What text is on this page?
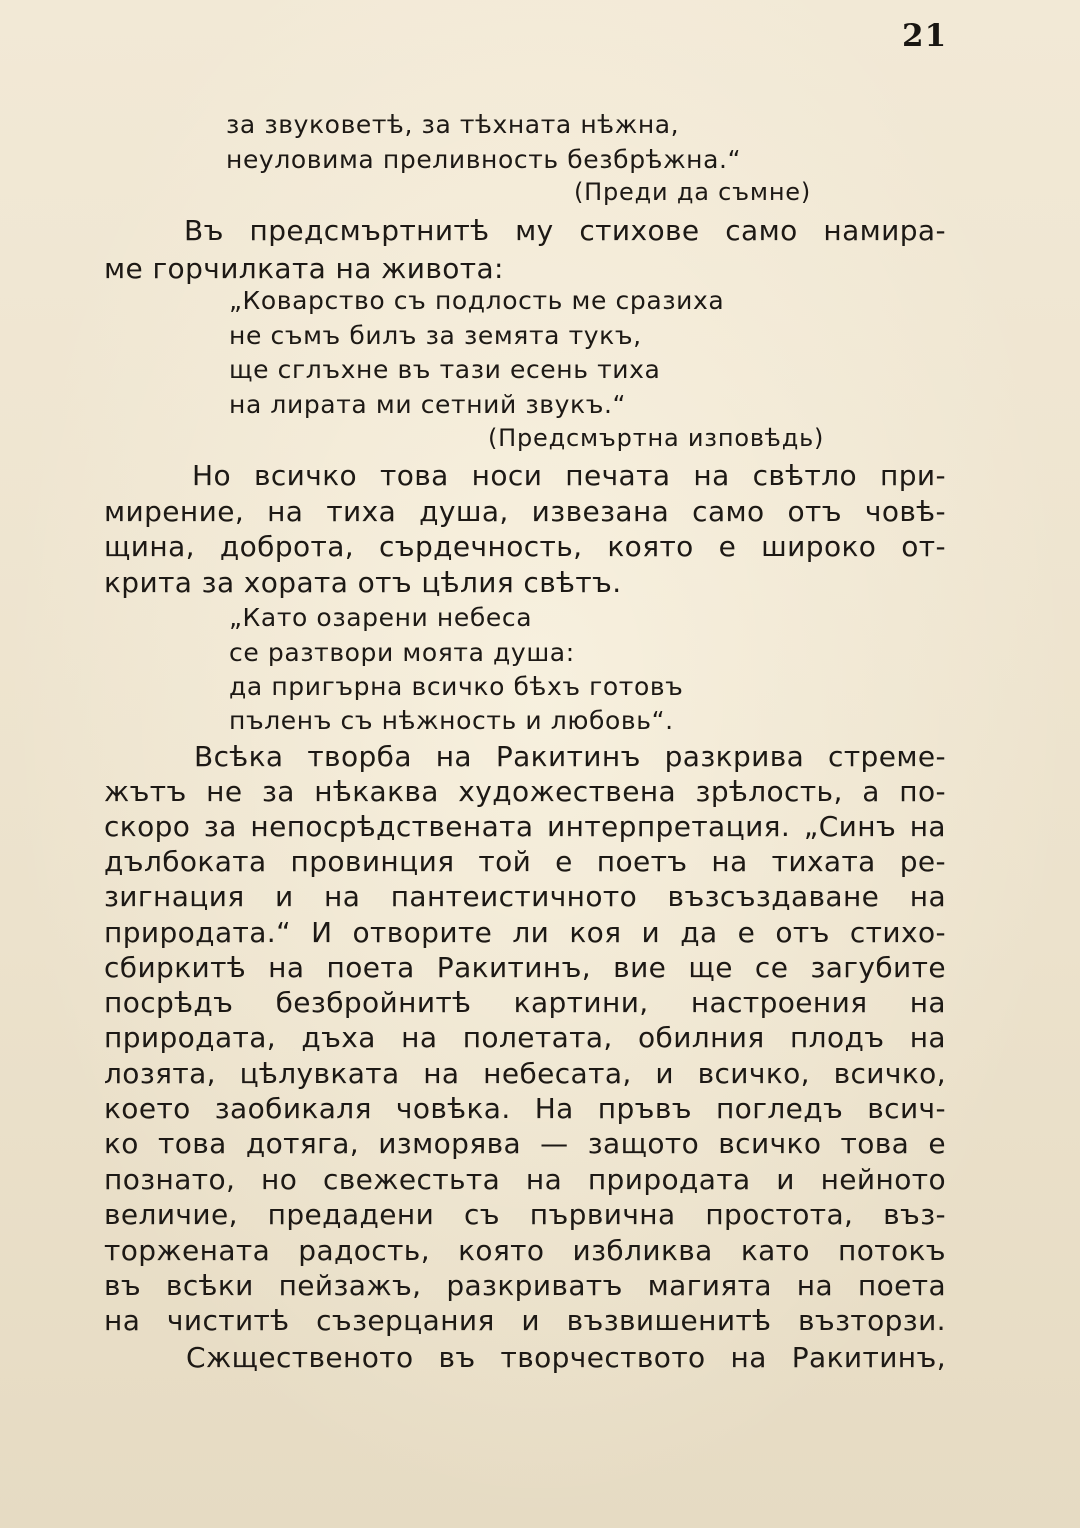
21
за звуковетѣ, за тѣхната нѣжна,
неуловима преливность безбрѣжна.“
(Преди да съмне)
Въ предсмъртнитѣ му стихове само намира-
ме горчилката на живота:
„Коварство съ подлость ме сразиха
не съмъ билъ за земята тукъ,
ще сглъхне въ тази есень тиха
на лирата ми сетний звукъ.“
(Предсмъртна изповѣдь)
Но всичко това носи печата на свѣтло при-
мирение, на тиха душа, извезана само отъ човѣ-
щина, доброта, сърдечность, която е широко от-
крита за хората отъ цѣлия свѣтъ.
„Като озарени небеса
се разтвори моята душа:
да пригърна всичко бѣхъ готовъ
пъленъ съ нѣжность и любовь“.
Всѣка творба на Ракитинъ разкрива стреме-
жътъ не за нѣкаква художествена зрѣлость, а по-
скоро за непосрѣдствената интерпретация. „Синъ на
дълбоката провинция той е поетъ на тихата ре-
зигнация и на пантеистичното възсъздаване на
природата.“ И отворите ли коя и да е отъ стихо-
сбиркитѣ на поета Ракитинъ, вие ще се загубите
посрѣдъ безбройнитѣ картини, настроения на
природата, дъха на полетата, обилния плодъ на
лозята, цѣлувката на небесата, и всичко, всичко,
което заобикаля човѣка. На пръвъ погледъ всич-
ко това дотяга, изморява — защото всичко това е
познато, но свежестьта на природата и нейното
величие, предадени съ първична простота, въз-
торжената радость, която избликва като потокъ
въ всѣки пейзажъ, разкриватъ магията на поета
на чиститѣ съзерцания и възвишенитѣ възторзи.
Сжщественото въ творчеството на Ракитинъ,
